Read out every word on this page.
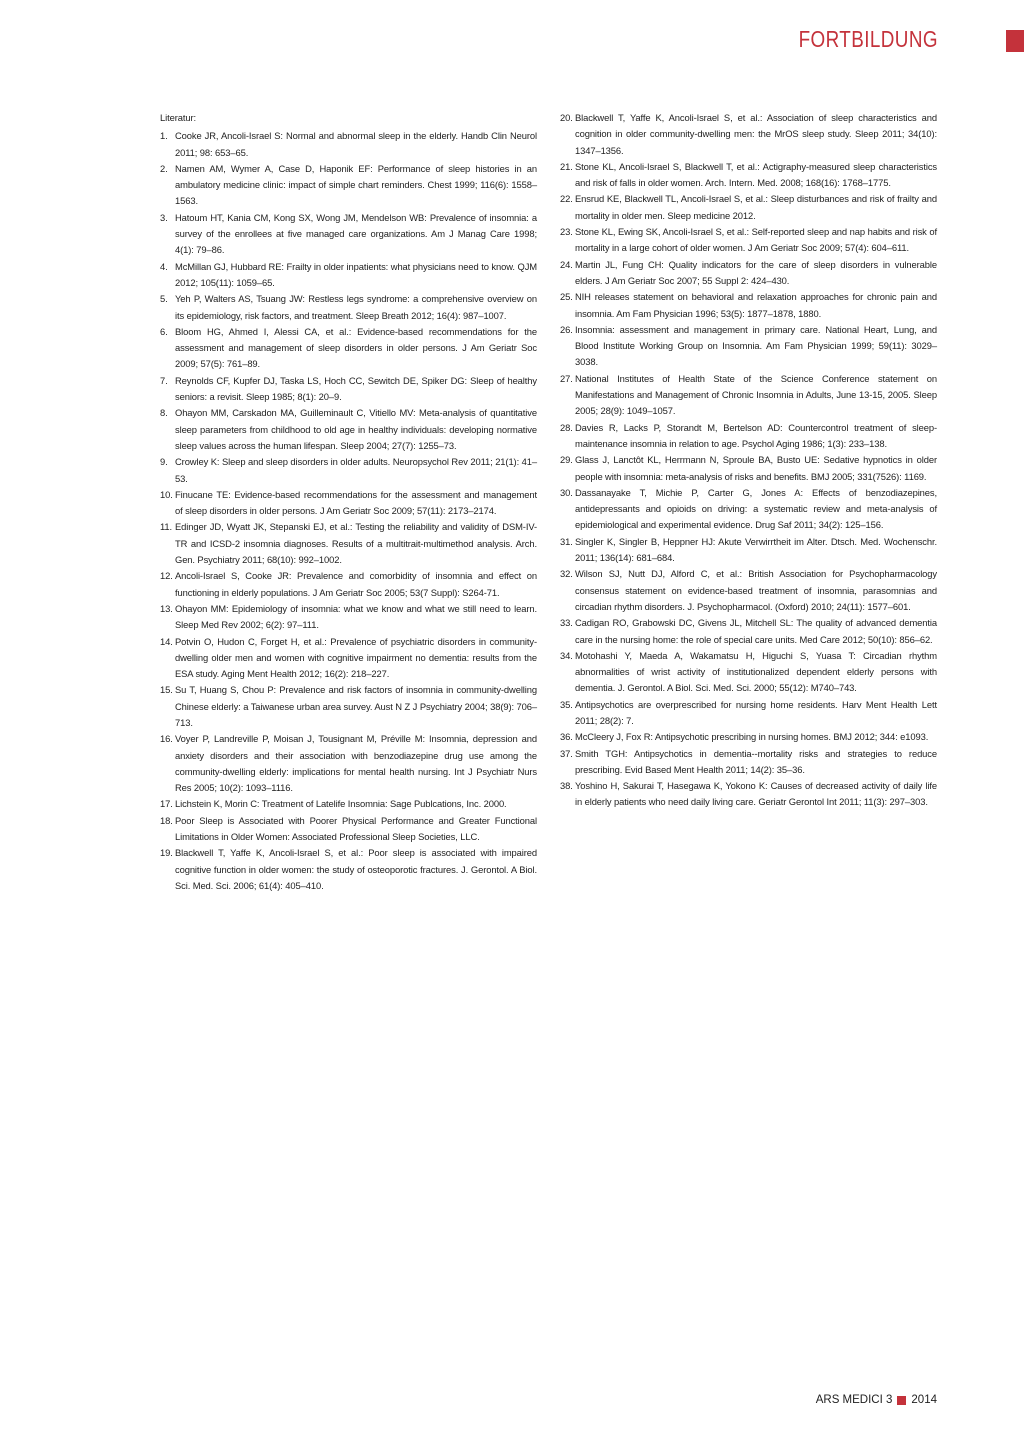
FORTBILDUNG
Literatur:
1. Cooke JR, Ancoli-Israel S: Normal and abnormal sleep in the elderly. Handb Clin Neurol 2011; 98: 653–65.
2. Namen AM, Wymer A, Case D, Haponik EF: Performance of sleep histories in an ambulatory medicine clinic: impact of simple chart reminders. Chest 1999; 116(6): 1558–1563.
3. Hatoum HT, Kania CM, Kong SX, Wong JM, Mendelson WB: Prevalence of insomnia: a survey of the enrollees at five managed care organizations. Am J Manag Care 1998; 4(1): 79–86.
4. McMillan GJ, Hubbard RE: Frailty in older inpatients: what physicians need to know. QJM 2012; 105(11): 1059–65.
5. Yeh P, Walters AS, Tsuang JW: Restless legs syndrome: a comprehensive overview on its epidemiology, risk factors, and treatment. Sleep Breath 2012; 16(4): 987–1007.
6. Bloom HG, Ahmed I, Alessi CA, et al.: Evidence-based recommendations for the assessment and management of sleep disorders in older persons. J Am Geriatr Soc 2009; 57(5): 761–89.
7. Reynolds CF, Kupfer DJ, Taska LS, Hoch CC, Sewitch DE, Spiker DG: Sleep of healthy seniors: a revisit. Sleep 1985; 8(1): 20–9.
8. Ohayon MM, Carskadon MA, Guilleminault C, Vitiello MV: Meta-analysis of quantitative sleep parameters from childhood to old age in healthy individuals: developing normative sleep values across the human lifespan. Sleep 2004; 27(7): 1255–73.
9. Crowley K: Sleep and sleep disorders in older adults. Neuropsychol Rev 2011; 21(1): 41–53.
10. Finucane TE: Evidence-based recommendations for the assessment and management of sleep disorders in older persons. J Am Geriatr Soc 2009; 57(11): 2173–2174.
11. Edinger JD, Wyatt JK, Stepanski EJ, et al.: Testing the reliability and validity of DSM-IV-TR and ICSD-2 insomnia diagnoses. Results of a multitrait-multimethod analysis. Arch. Gen. Psychiatry 2011; 68(10): 992–1002.
12. Ancoli-Israel S, Cooke JR: Prevalence and comorbidity of insomnia and effect on functioning in elderly populations. J Am Geriatr Soc 2005; 53(7 Suppl): S264-71.
13. Ohayon MM: Epidemiology of insomnia: what we know and what we still need to learn. Sleep Med Rev 2002; 6(2): 97–111.
14. Potvin O, Hudon C, Forget H, et al.: Prevalence of psychiatric disorders in community-dwelling older men and women with cognitive impairment no dementia: results from the ESA study. Aging Ment Health 2012; 16(2): 218–227.
15. Su T, Huang S, Chou P: Prevalence and risk factors of insomnia in community-dwelling Chinese elderly: a Taiwanese urban area survey. Aust N Z J Psychiatry 2004; 38(9): 706–713.
16. Voyer P, Landreville P, Moisan J, Tousignant M, Préville M: Insomnia, depression and anxiety disorders and their association with benzodiazepine drug use among the community-dwelling elderly: implications for mental health nursing. Int J Psychiatr Nurs Res 2005; 10(2): 1093–1116.
17. Lichstein K, Morin C: Treatment of Latelife Insomnia: Sage Publcations, Inc. 2000.
18. Poor Sleep is Associated with Poorer Physical Performance and Greater Functional Limitations in Older Women: Associated Professional Sleep Societies, LLC.
19. Blackwell T, Yaffe K, Ancoli-Israel S, et al.: Poor sleep is associated with impaired cognitive function in older women: the study of osteoporotic fractures. J. Gerontol. A Biol. Sci. Med. Sci. 2006; 61(4): 405–410.
20. Blackwell T, Yaffe K, Ancoli-Israel S, et al.: Association of sleep characteristics and cognition in older community-dwelling men: the MrOS sleep study. Sleep 2011; 34(10): 1347–1356.
21. Stone KL, Ancoli-Israel S, Blackwell T, et al.: Actigraphy-measured sleep characteristics and risk of falls in older women. Arch. Intern. Med. 2008; 168(16): 1768–1775.
22. Ensrud KE, Blackwell TL, Ancoli-Israel S, et al.: Sleep disturbances and risk of frailty and mortality in older men. Sleep medicine 2012.
23. Stone KL, Ewing SK, Ancoli-Israel S, et al.: Self-reported sleep and nap habits and risk of mortality in a large cohort of older women. J Am Geriatr Soc 2009; 57(4): 604–611.
24. Martin JL, Fung CH: Quality indicators for the care of sleep disorders in vulnerable elders. J Am Geriatr Soc 2007; 55 Suppl 2: 424–430.
25. NIH releases statement on behavioral and relaxation approaches for chronic pain and insomnia. Am Fam Physician 1996; 53(5): 1877–1878, 1880.
26. Insomnia: assessment and management in primary care. National Heart, Lung, and Blood Institute Working Group on Insomnia. Am Fam Physician 1999; 59(11): 3029–3038.
27. National Institutes of Health State of the Science Conference statement on Manifestations and Management of Chronic Insomnia in Adults, June 13-15, 2005. Sleep 2005; 28(9): 1049–1057.
28. Davies R, Lacks P, Storandt M, Bertelson AD: Countercontrol treatment of sleep-maintenance insomnia in relation to age. Psychol Aging 1986; 1(3): 233–138.
29. Glass J, Lanctôt KL, Herrmann N, Sproule BA, Busto UE: Sedative hypnotics in older people with insomnia: meta-analysis of risks and benefits. BMJ 2005; 331(7526): 1169.
30. Dassanayake T, Michie P, Carter G, Jones A: Effects of benzodiazepines, antidepressants and opioids on driving: a systematic review and meta-analysis of epidemiological and experimental evidence. Drug Saf 2011; 34(2): 125–156.
31. Singler K, Singler B, Heppner HJ: Akute Verwirrtheit im Alter. Dtsch. Med. Wochenschr. 2011; 136(14): 681–684.
32. Wilson SJ, Nutt DJ, Alford C, et al.: British Association for Psychopharmacology consensus statement on evidence-based treatment of insomnia, parasomnias and circadian rhythm disorders. J. Psychopharmacol. (Oxford) 2010; 24(11): 1577–601.
33. Cadigan RO, Grabowski DC, Givens JL, Mitchell SL: The quality of advanced dementia care in the nursing home: the role of special care units. Med Care 2012; 50(10): 856–62.
34. Motohashi Y, Maeda A, Wakamatsu H, Higuchi S, Yuasa T: Circadian rhythm abnormalities of wrist activity of institutionalized dependent elderly persons with dementia. J. Gerontol. A Biol. Sci. Med. Sci. 2000; 55(12): M740–743.
35. Antipsychotics are overprescribed for nursing home residents. Harv Ment Health Lett 2011; 28(2): 7.
36. McCleery J, Fox R: Antipsychotic prescribing in nursing homes. BMJ 2012; 344: e1093.
37. Smith TGH: Antipsychotics in dementia--mortality risks and strategies to reduce prescribing. Evid Based Ment Health 2011; 14(2): 35–36.
38. Yoshino H, Sakurai T, Hasegawa K, Yokono K: Causes of decreased activity of daily life in elderly patients who need daily living care. Geriatr Gerontol Int 2011; 11(3): 297–303.
ARS MEDICI 3 2014
